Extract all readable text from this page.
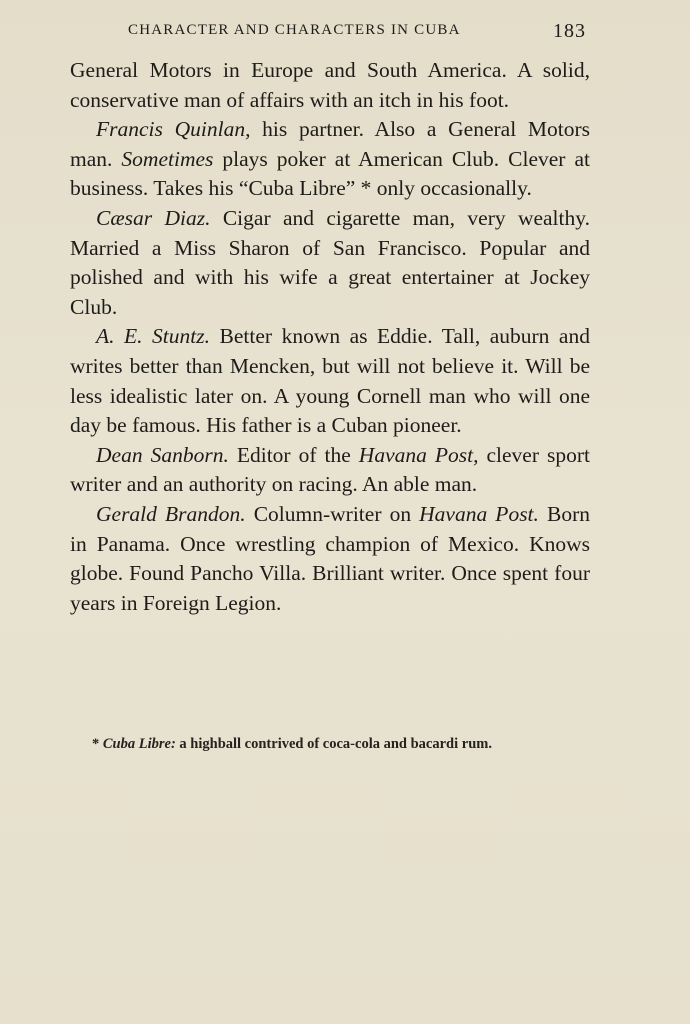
CHARACTER AND CHARACTERS IN CUBA	183

General Motors in Europe and South America. A solid, conservative man of affairs with an itch in his foot.

Francis Quinlan, his partner. Also a General Motors man. Sometimes plays poker at American Club. Clever at business. Takes his “Cuba Libre” * only occasionally.

Cæsar Diaz. Cigar and cigarette man, very wealthy. Married a Miss Sharon of San Francisco. Popular and polished and with his wife a great entertainer at Jockey Club.

A. E. Stuntz. Better known as Eddie. Tall, auburn and writes better than Mencken, but will not believe it. Will be less idealistic later on. A young Cornell man who will one day be famous. His father is a Cuban pioneer.

Dean Sanborn. Editor of the Havana Post, clever sport writer and an authority on racing. An able man.

Gerald Brandon. Column-writer on Havana Post. Born in Panama. Once wrestling champion of Mexico. Knows globe. Found Pancho Villa. Brilliant writer. Once spent four years in Foreign Legion.

* Cuba Libre: a highball contrived of coca-cola and bacardi rum.
